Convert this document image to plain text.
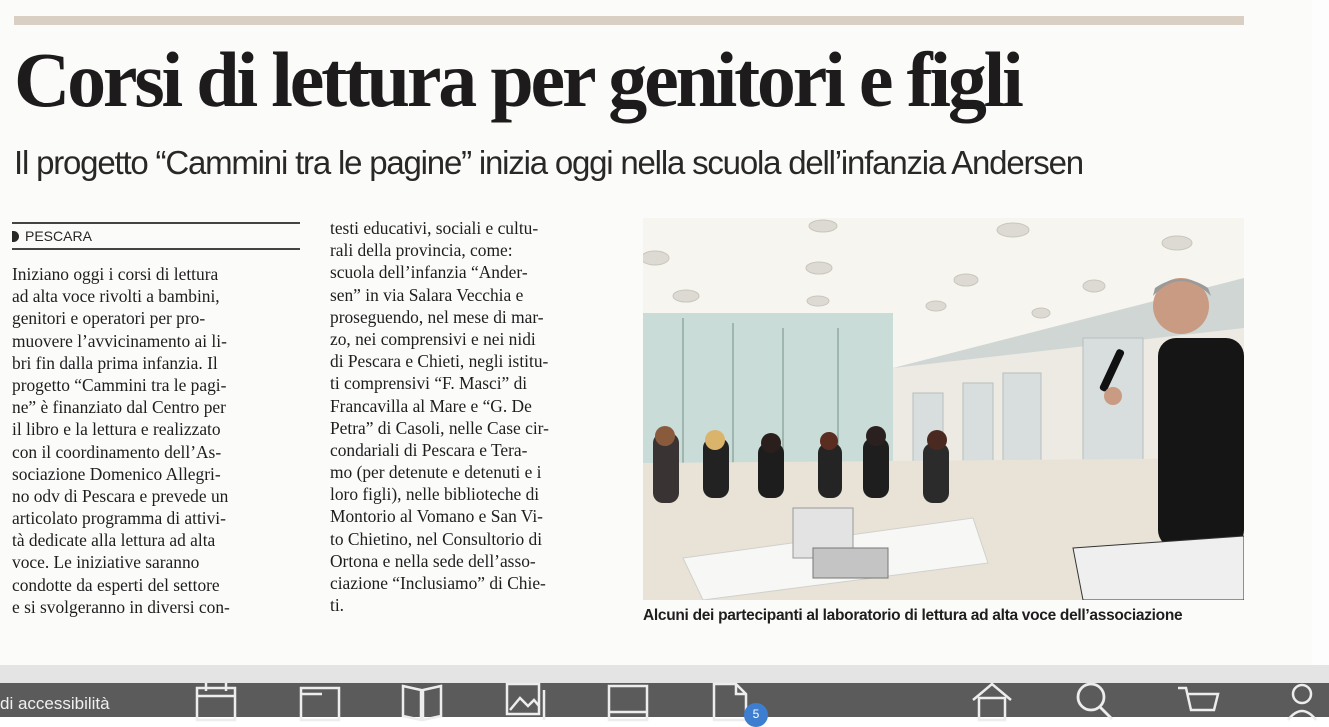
Corsi di lettura per genitori e figli
Il progetto “Cammini tra le pagine” inizia oggi nella scuola dell’infanzia Andersen
PESCARA
Iniziano oggi i corsi di lettura
ad alta voce rivolti a bambini,
genitori e operatori per pro-
muovere l’avvicinamento ai li-
bri fin dalla prima infanzia. Il
progetto “Cammini tra le pagi-
ne” è finanziato dal Centro per
il libro e la lettura e realizzato
con il coordinamento dell’As-
sociazione Domenico Allegri-
no odv di Pescara e prevede un
articolato programma di attivi-
tà dedicate alla lettura ad alta
voce. Le iniziative saranno
condotte da esperti del settore
e si svolgeranno in diversi con-
testi educativi, sociali e cultu-
rali della provincia, come:
scuola dell’infanzia “Ander-
sen” in via Salara Vecchia e
proseguendo, nel mese di mar-
zo, nei comprensivi e nei nidi
di Pescara e Chieti, negli istitu-
ti comprensivi “F. Masci” di
Francavilla al Mare e “G. De
Petra” di Casoli, nelle Case cir-
condariali di Pescara e Tera-
mo (per detenute e detenuti e i
loro figli), nelle biblioteche di
Montorio al Vomano e San Vi-
to Chietino, nel Consultorio di
Ortona e nella sede dell’asso-
ciazione “Inclusiamo” di Chie-
ti.
Alcuni dei partecipanti al laboratorio di lettura ad alta voce dell’associazione
di accessibilità
5
